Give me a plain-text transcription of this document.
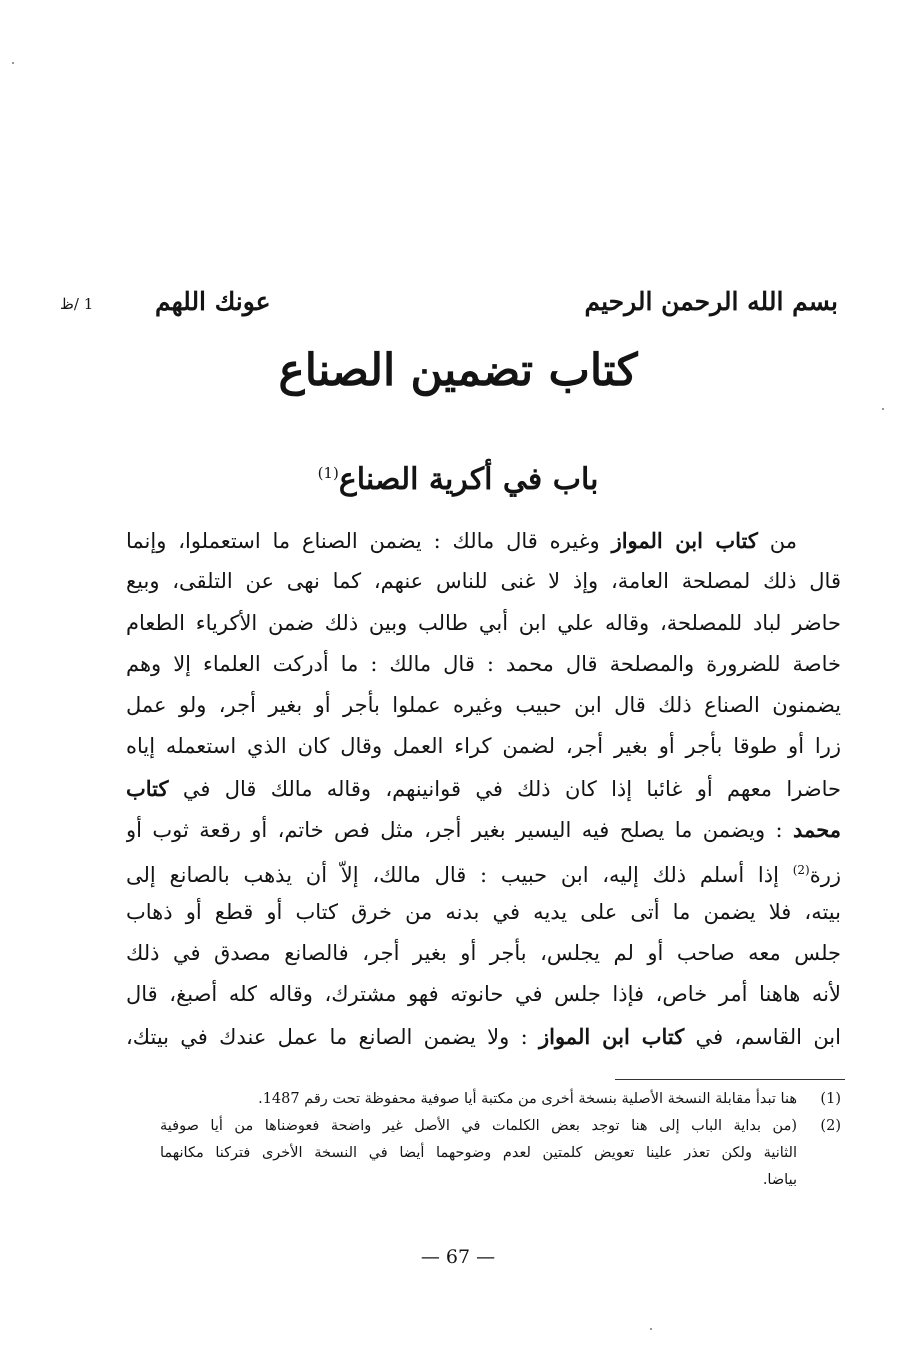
بسم الله الرحمن الرحيم
عونك اللهم
1 /ظ
كتاب تضمين الصناع
باب في أكرية الصناع$^{(1)}$
من كتاب ابن المواز وغيره قال مالك : يضمن الصناع ما استعملوا، وإنما
قال ذلك لمصلحة العامة، وإذ لا غنى للناس عنهم، كما نهى عن التلقى، وبيع
حاضر لباد للمصلحة، وقاله علي ابن أبي طالب وبين ذلك ضمن الأكرياء الطعام
خاصة للضرورة والمصلحة قال محمد : قال مالك : ما أدركت العلماء إلا وهم
يضمنون الصناع ذلك قال ابن حبيب وغيره عملوا بأجر أو بغير أجر، ولو عمل
زرا أو طوقا بأجر أو بغير أجر، لضمن كراء العمل وقال كان الذي استعمله إياه
حاضرا معهم أو غائبا إذا كان ذلك في قوانينهم، وقاله مالك قال في كتاب
محمد : ويضمن ما يصلح فيه اليسير بغير أجر، مثل فص خاتم، أو رقعة ثوب أو
زرة$^{(2)}$ إذا أسلم ذلك إليه، ابن حبيب : قال مالك، إلاّ أن يذهب بالصانع إلى
بيته، فلا يضمن ما أتى على يديه في بدنه من خرق كتاب أو قطع أو ذهاب
جلس معه صاحب أو لم يجلس، بأجر أو بغير أجر، فالصانع مصدق في ذلك
لأنه هاهنا أمر خاص، فإذا جلس في حانوته فهو مشترك، وقاله كله أصبغ، قال
ابن القاسم، في كتاب ابن المواز : ولا يضمن الصانع ما عمل عندك في بيتك،
(1)
هنا تبدأ مقابلة النسخة الأصلية بنسخة أخرى من مكتبة أيا صوفية محفوظة تحت رقم 1487.
(2)
(من بداية الباب إلى هنا توجد بعض الكلمات في الأصل غير واضحة فعوضناها من أيا صوفية
الثانية ولكن تعذر علينا تعويض كلمتين لعدم وضوحهما أيضا في النسخة الأخرى فتركنا مكانهما
بياضا.
— 67 —
